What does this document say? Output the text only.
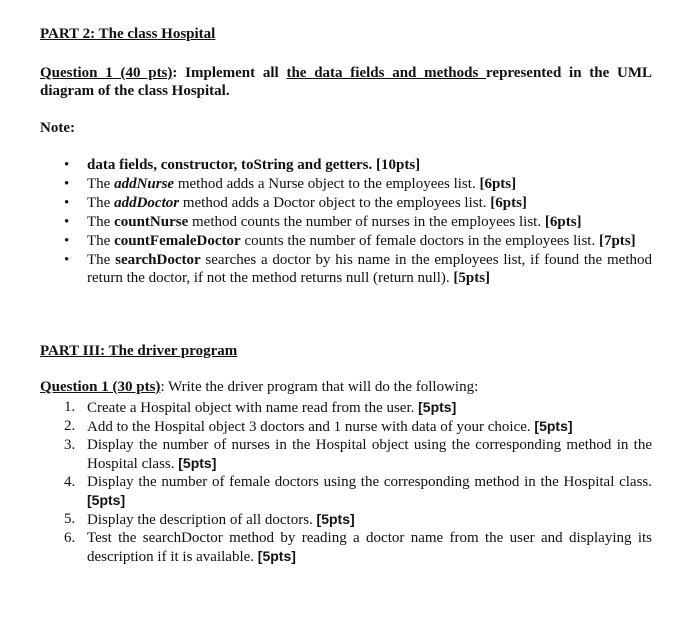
PART 2: The class Hospital
Question 1 (40 pts): Implement all the data fields and methods represented in the UML diagram of the class Hospital.
Note:
• data fields, constructor, toString and getters. [10pts]
• The addNurse method adds a Nurse object to the employees list. [6pts]
• The addDoctor method adds a Doctor object to the employees list. [6pts]
• The countNurse method counts the number of nurses in the employees list. [6pts]
• The countFemaleDoctor counts the number of female doctors in the employees list. [7pts]
• The searchDoctor searches a doctor by his name in the employees list, if found the method return the doctor, if not the method returns null (return null). [5pts]
PART III: The driver program
Question 1 (30 pts): Write the driver program that will do the following:
1. Create a Hospital object with name read from the user. [5pts]
2. Add to the Hospital object 3 doctors and 1 nurse with data of your choice. [5pts]
3. Display the number of nurses in the Hospital object using the corresponding method in the Hospital class. [5pts]
4. Display the number of female doctors using the corresponding method in the Hospital class. [5pts]
5. Display the description of all doctors. [5pts]
6. Test the searchDoctor method by reading a doctor name from the user and displaying its description if it is available. [5pts]
